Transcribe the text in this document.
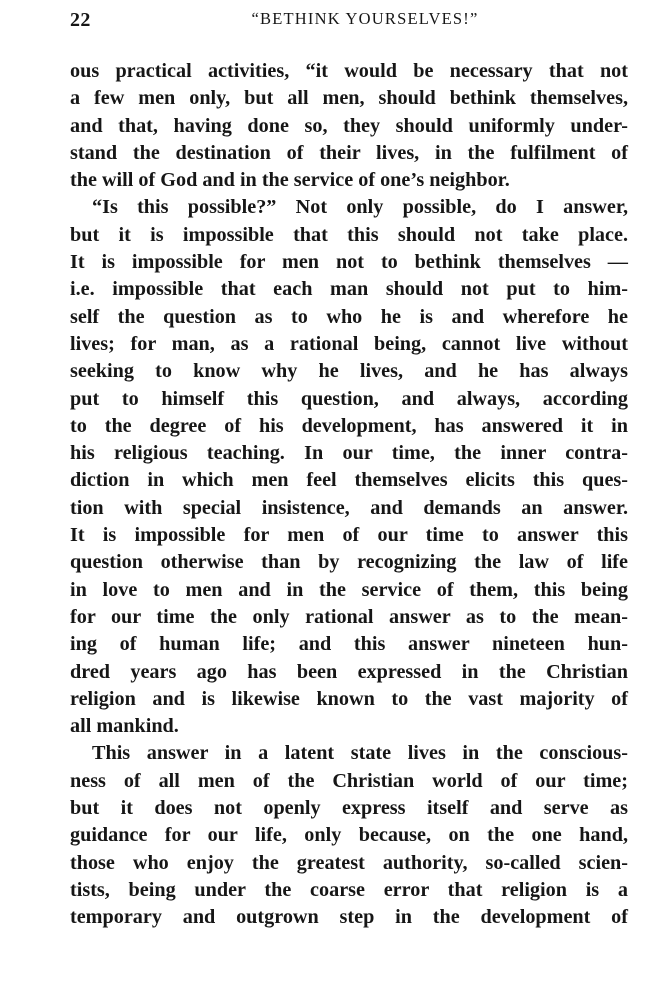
22	“BETHINK YOURSELVES!”
ous practical activities, “it would be necessary that not
a few men only, but all men, should bethink themselves,
and that, having done so, they should uniformly under-
stand the destination of their lives, in the fulfilment of
the will of God and in the service of one’s neighbor.
“Is this possible?” Not only possible, do I answer,
but it is impossible that this should not take place.
It is impossible for men not to bethink themselves —
i.e. impossible that each man should not put to him-
self the question as to who he is and wherefore he
lives; for man, as a rational being, cannot live without
seeking to know why he lives, and he has always
put to himself this question, and always, according
to the degree of his development, has answered it in
his religious teaching. In our time, the inner contra-
diction in which men feel themselves elicits this ques-
tion with special insistence, and demands an answer.
It is impossible for men of our time to answer this
question otherwise than by recognizing the law of life
in love to men and in the service of them, this being
for our time the only rational answer as to the mean-
ing of human life; and this answer nineteen hun-
dred years ago has been expressed in the Christian
religion and is likewise known to the vast majority of
all mankind.
This answer in a latent state lives in the conscious-
ness of all men of the Christian world of our time;
but it does not openly express itself and serve as
guidance for our life, only because, on the one hand,
those who enjoy the greatest authority, so-called scien-
tists, being under the coarse error that religion is a
temporary and outgrown step in the development of
